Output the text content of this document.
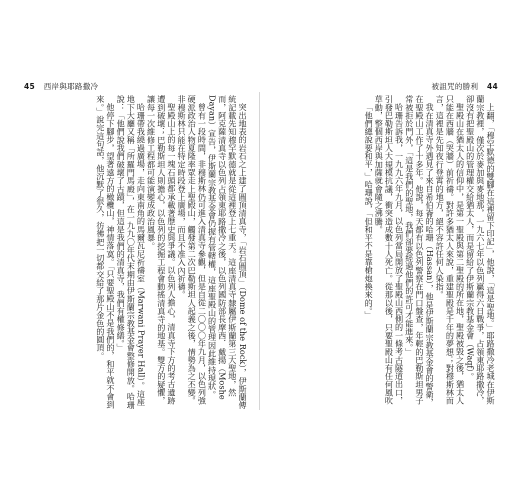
45 西岸與耶路撒冷	被詛咒的勝利 44

突出地表的岩石之上建了圓頂清真寺，「岩石圓頂」（Dome of the Rock），伊斯蘭傳統記載先知穆罕默德就是從這裡登上七重天。這座清真寺隸屬伊斯蘭第三大聖地，然而，阿克薩清真寺以色列占領東耶路撒冷之後，以色列國防部長摩西．戴揚（Moshe Dayan）宣告，伊斯蘭宗教基金會仍握有管轄權，這座聖殿山的管理因此維持現狀。

曾有一段時間，非穆斯林仍可進入清真寺參觀，但是自從二〇〇〇年九月，以色列強硬派政治人物夏隆率眾走上聖殿山，觸發第二次巴勒斯坦人起義之後，情勢為之丕變。非穆斯林只能在特定時段登上廣場，而且不准入內祈禱。

聖殿山上的每一塊石頭都承載著歷史與爭議。以色列人擔心，清真寺下方的考古遺跡遭到破壞；巴勒斯坦人則擔心，以色列的挖掘工程會動搖清真寺的地基。雙方的疑懼，讓每一次維修工程都可能演變成政治風暴。

哈珊帶我繞過廣場，走向東南角的馬爾瓦尼祈禱室（Marwani Prayer Hall）。這座地下大廳又稱「所羅門馬廄」，在一九九〇年代末期由伊斯蘭宗教基金會整修開放。哈珊說：「他們說我們破壞了古蹟，但這是我們的清真寺，我們有權修繕。」

他停下腳步，望著遠方的橄欖山，神情落寞。「只要聖殿山不是我們的，和平就不會到來。」說完這句話，他沉默了很久，彷彿把一切都交給了那片金色的圓頂。	上翻，「穆罕默德的雙腳在這裡留下印記」，他說，「這是聖地。」耶路撒冷老城在伊斯蘭宗教裡，僅次於麥加與麥地那，一九六七年以色列贏得六日戰爭，占領東耶路撒冷，卻沒有把聖殿山的管理權交給猶太人，而是留給了伊斯蘭宗教基金會（Waqf）。

聖殿山在猶太人的信仰中，是第一聖殿與第二聖殿的所在地，聖殿被毀之後，猶太人只能在西牆（哭牆）前祈禱。對許多猶太人來說，重建聖殿是千年的夢想；對穆斯林而言，這裡是先知夜行登霄的地方，絕不容許任何人染指。

我在清真寺外遇見了來自希伯崙的哈珊（Hassan），他是伊斯蘭宗教基金會的警衛，在聖殿山工作了十多年。他說，每天都有以色列警察在門口盤查，年輕的巴勒斯坦男子常被拒於門外，「這是我們的聖地，我們卻要經過他們的許可才能進來。」

哈珊告訴我，一九九六年九月，以色列當局開放了聖殿山西側的一條考古隧道出口，引發巴勒斯坦人大規模抗議，衝突造成數十人死亡。從那以後，只要聖殿山有任何風吹草動，整個西岸與加薩就會隨之沸騰。

「他們總說要和平，」哈珊說，「但和平不是靠槍炮換來的。」
